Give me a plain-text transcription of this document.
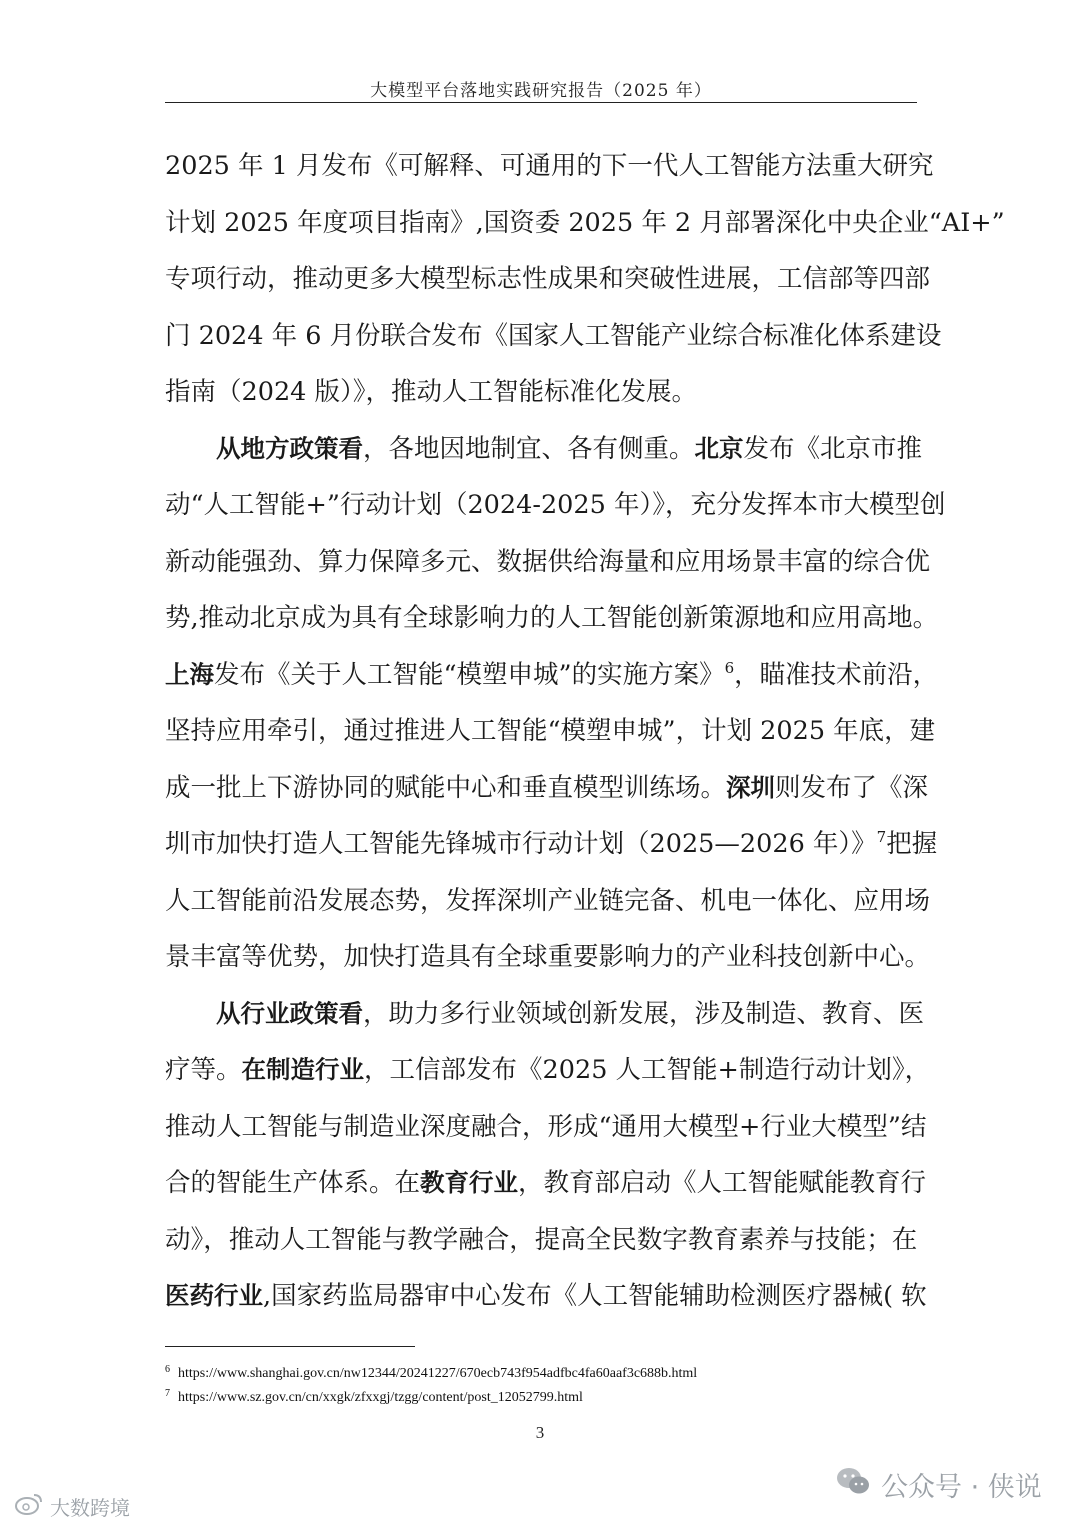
大模型平台落地实践研究报告（2025 年）
2025 年 1 月发布《可解释、可通用的下一代人工智能方法重大研究
计划 2025 年度项目指南》,国资委 2025 年 2 月部署深化中央企业“AI+”
专项行动，推动更多大模型标志性成果和突破性进展，工信部等四部
门 2024 年 6 月份联合发布《国家人工智能产业综合标准化体系建设
指南（2024 版）》，推动人工智能标准化发展。
从地方政策看，各地因地制宜、各有侧重。北京发布《北京市推
动“人工智能+”行动计划（2024-2025 年）》，充分发挥本市大模型创
新动能强劲、算力保障多元、数据供给海量和应用场景丰富的综合优
势,推动北京成为具有全球影响力的人工智能创新策源地和应用高地。
上海发布《关于人工智能“模塑申城”的实施方案》$^6$，瞄准技术前沿，
坚持应用牵引，通过推进人工智能“模塑申城”，计划 2025 年底，建
成一批上下游协同的赋能中心和垂直模型训练场。深圳则发布了《深
圳市加快打造人工智能先锋城市行动计划（2025—2026 年）》$^7$把握
人工智能前沿发展态势，发挥深圳产业链完备、机电一体化、应用场
景丰富等优势，加快打造具有全球重要影响力的产业科技创新中心。
从行业政策看，助力多行业领域创新发展，涉及制造、教育、医
疗等。在制造行业，工信部发布《2025 人工智能+制造行动计划》，
推动人工智能与制造业深度融合，形成“通用大模型+行业大模型”结
合的智能生产体系。在教育行业，教育部启动《人工智能赋能教育行
动》，推动人工智能与教学融合，提高全民数字教育素养与技能；在
医药行业,国家药监局器审中心发布《人工智能辅助检测医疗器械( 软
$^6$ https://www.shanghai.gov.cn/nw12344/20241227/670ecb743f954adfbc4fa60aaf3c688b.html
$^7$ https://www.sz.gov.cn/cn/xxgk/zfxxgj/tzgg/content/post_12052799.html
3
公众号 · 侠说
大数跨境
